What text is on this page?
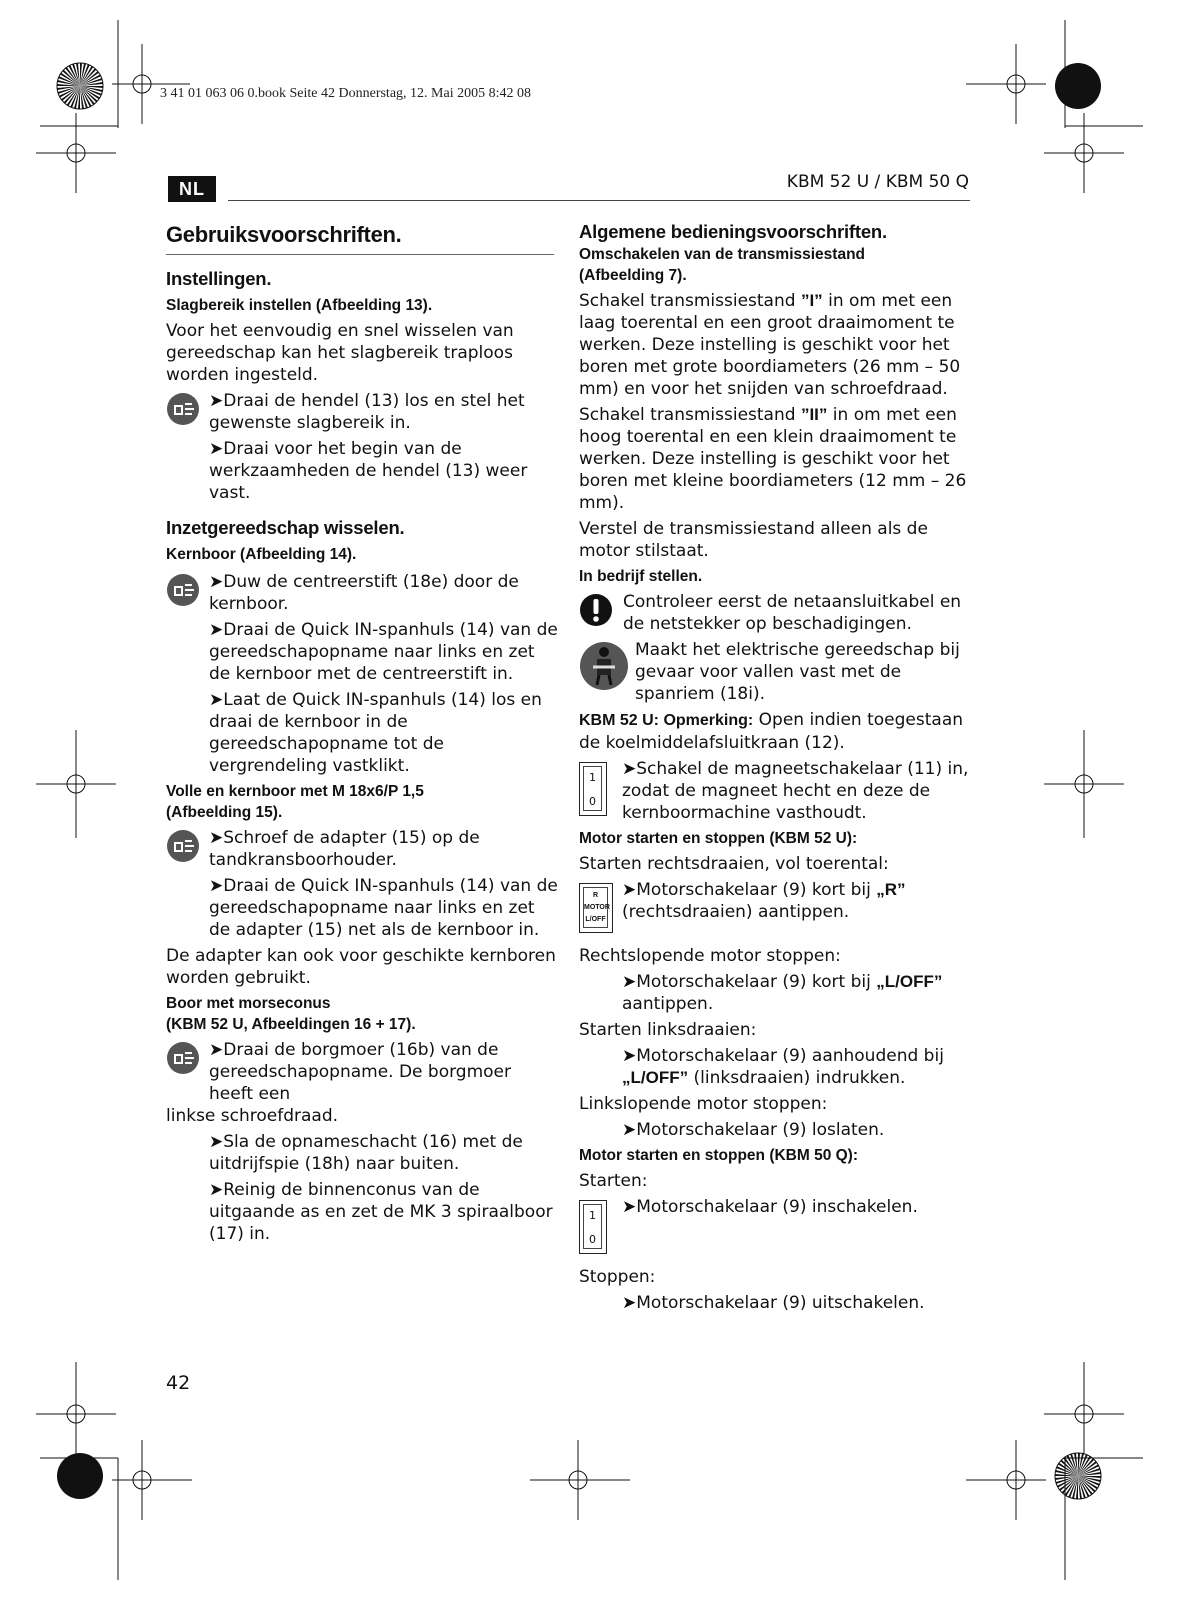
3 41 01 063 06 0.book Seite 42 Donnerstag, 12. Mai 2005 8:42 08
NL	KBM 52 U / KBM 50 Q
Gebruiksvoorschriften.
Instellingen.
Slagbereik instellen (Afbeelding 13).

Voor het eenvoudig en snel wisselen van gereedschap kan het slagbereik traploos worden ingesteld.

➤Draai de hendel (13) los en stel het gewenste slagbereik in.

➤Draai voor het begin van de werkzaamheden de hendel (13) weer vast.

Inzetgereedschap wisselen.
Kernboor (Afbeelding 14).

➤Duw de centreerstift (18e) door de kernboor.

➤Draai de Quick IN-spanhuls (14) van de gereedschapopname naar links en zet de kernboor met de centreerstift in.

➤Laat de Quick IN-spanhuls (14) los en draai de kernboor in de gereedschapopname tot de vergrendeling vastklikt.

Volle en kernboor met M 18x6/P 1,5
(Afbeelding 15).

➤Schroef de adapter (15) op de tandkransboorhouder.

➤Draai de Quick IN-spanhuls (14) van de gereedschapopname naar links en zet de adapter (15) net als de kernboor in.

De adapter kan ook voor geschikte kernboren worden gebruikt.

Boor met morseconus
(KBM 52 U, Afbeeldingen 16 + 17).

➤Draai de borgmoer (16b) van de gereedschapopname. De borgmoer heeft een

linkse schroefdraad.

➤Sla de opnameschacht (16) met de uitdrijfspie (18h) naar buiten.

➤Reinig de binnenconus van de uitgaande as en zet de MK 3 spiraalboor (17) in.

Algemene bedieningsvoorschriften.
Omschakelen van de transmissiestand
(Afbeelding 7).

Schakel transmissiestand ”I” in om met een laag toerental en een groot draaimoment te werken. Deze instelling is geschikt voor het boren met grote boordiameters (26 mm – 50 mm) en voor het snijden van schroefdraad.

Schakel transmissiestand ”II” in om met een hoog toerental en een klein draaimoment te werken. Deze instelling is geschikt voor het boren met kleine boordiameters (12 mm – 26 mm).

Verstel de transmissiestand alleen als de motor stilstaat.

In bedrijf stellen.

Controleer eerst de netaansluitkabel en de netstekker op beschadigingen.

Maakt het elektrische gereedschap bij gevaar voor vallen vast met de spanriem (18i).

KBM 52 U: Opmerking: Open indien toegestaan de koelmiddelafsluitkraan (12).

1
0

➤Schakel de magneetschakelaar (11) in, zodat de magneet hecht en deze de kernboormachine vasthoudt.

Motor starten en stoppen (KBM 52 U):

Starten rechtsdraaien, vol toerental:

R
MOTOR
L/OFF

➤Motorschakelaar (9) kort bij „R” (rechtsdraaien) aantippen.

Rechtslopende motor stoppen:

➤Motorschakelaar (9) kort bij „L/OFF” aantippen.

Starten linksdraaien:

➤Motorschakelaar (9) aanhoudend bij „L/OFF” (linksdraaien) indrukken.

Linkslopende motor stoppen:

➤Motorschakelaar (9) loslaten.

Motor starten en stoppen (KBM 50 Q):

Starten:

1
0

➤Motorschakelaar (9) inschakelen.

Stoppen:

➤Motorschakelaar (9) uitschakelen.

42
